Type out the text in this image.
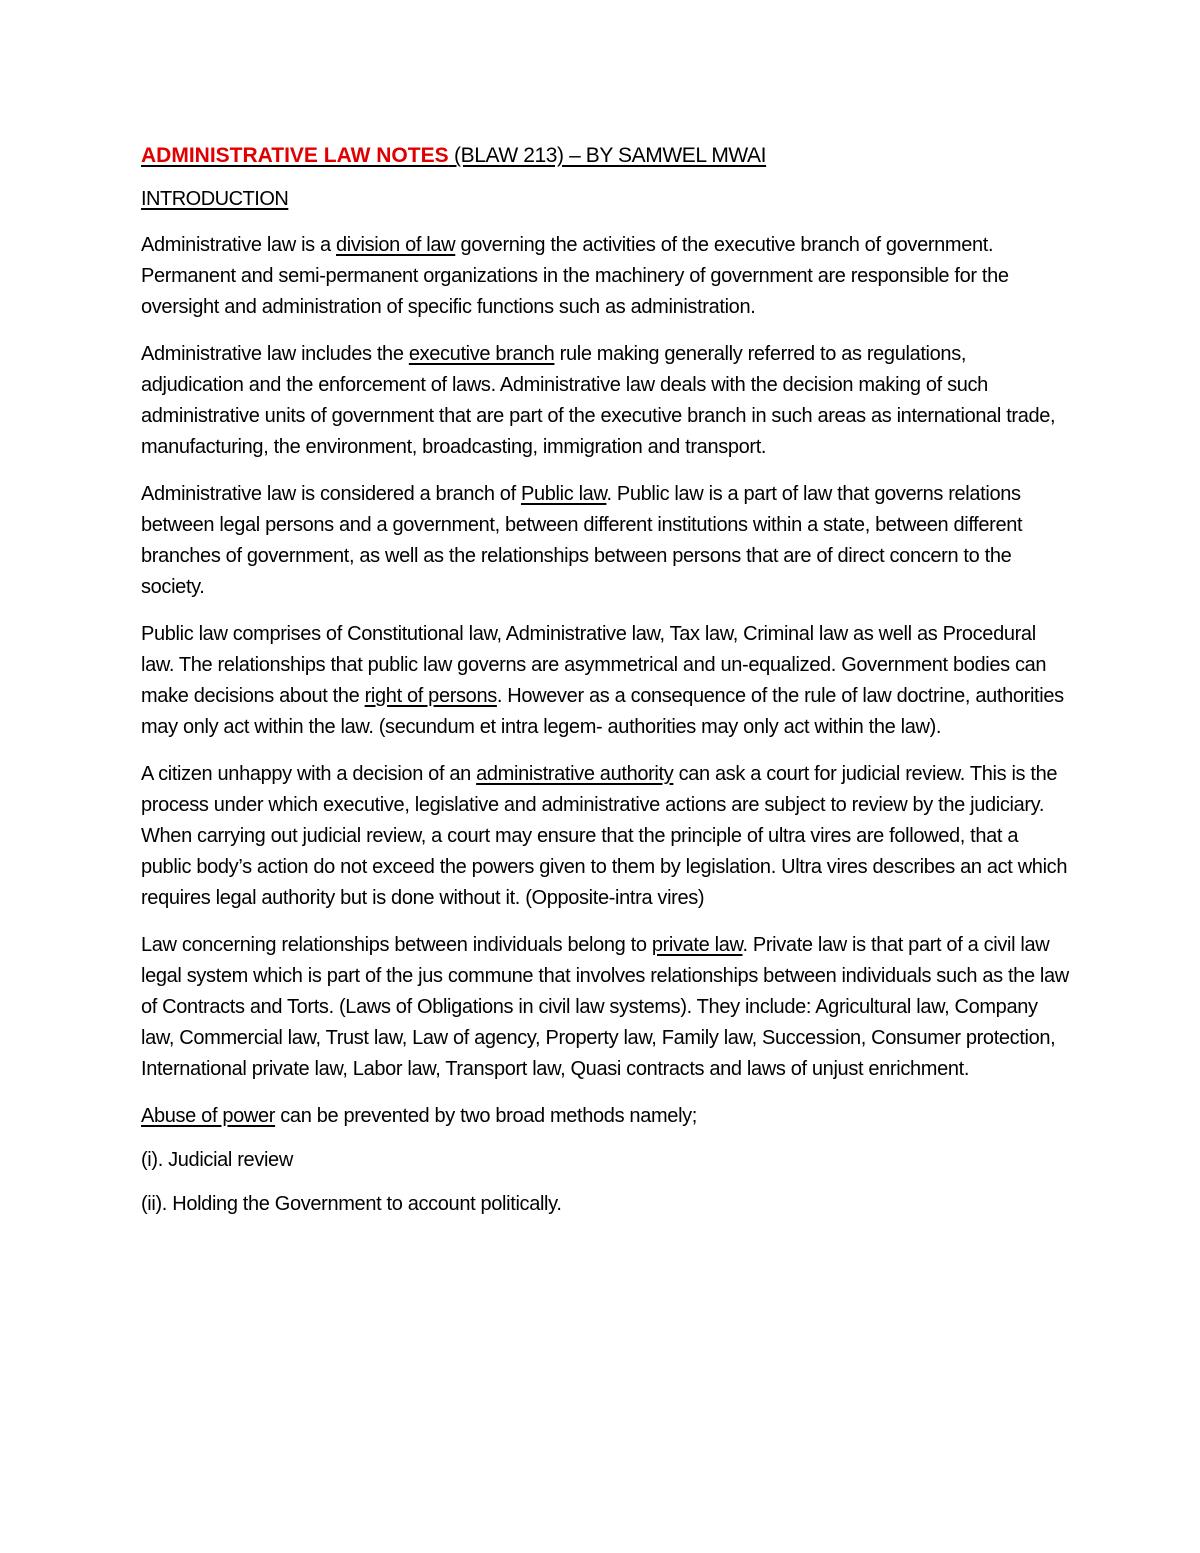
ADMINISTRATIVE LAW NOTES (BLAW 213) – BY SAMWEL MWAI
INTRODUCTION

Administrative law is a division of law governing the activities of the executive branch of government. Permanent and semi-permanent organizations in the machinery of government are responsible for the oversight and administration of specific functions such as administration.

Administrative law includes the executive branch rule making generally referred to as regulations, adjudication and the enforcement of laws. Administrative law deals with the decision making of such administrative units of government that are part of the executive branch in such areas as international trade, manufacturing, the environment, broadcasting, immigration and transport.

Administrative law is considered a branch of Public law. Public law is a part of law that governs relations between legal persons and a government, between different institutions within a state, between different branches of government, as well as the relationships between persons that are of direct concern to the society.

Public law comprises of Constitutional law, Administrative law, Tax law, Criminal law as well as Procedural law. The relationships that public law governs are asymmetrical and un-equalized. Government bodies can make decisions about the right of persons. However as a consequence of the rule of law doctrine, authorities may only act within the law. (secundum et intra legem- authorities may only act within the law).

A citizen unhappy with a decision of an administrative authority can ask a court for judicial review. This is the process under which executive, legislative and administrative actions are subject to review by the judiciary. When carrying out judicial review, a court may ensure that the principle of ultra vires are followed, that a public body’s action do not exceed the powers given to them by legislation. Ultra vires describes an act which requires legal authority but is done without it. (Opposite-intra vires)

Law concerning relationships between individuals belong to private law. Private law is that part of a civil law legal system which is part of the jus commune that involves relationships between individuals such as the law of Contracts and Torts. (Laws of Obligations in civil law systems). They include: Agricultural law, Company law, Commercial law, Trust law, Law of agency, Property law, Family law, Succession, Consumer protection, International private law, Labor law, Transport law, Quasi contracts and laws of unjust enrichment.

Abuse of power can be prevented by two broad methods namely;

(i). Judicial review

(ii). Holding the Government to account politically.
